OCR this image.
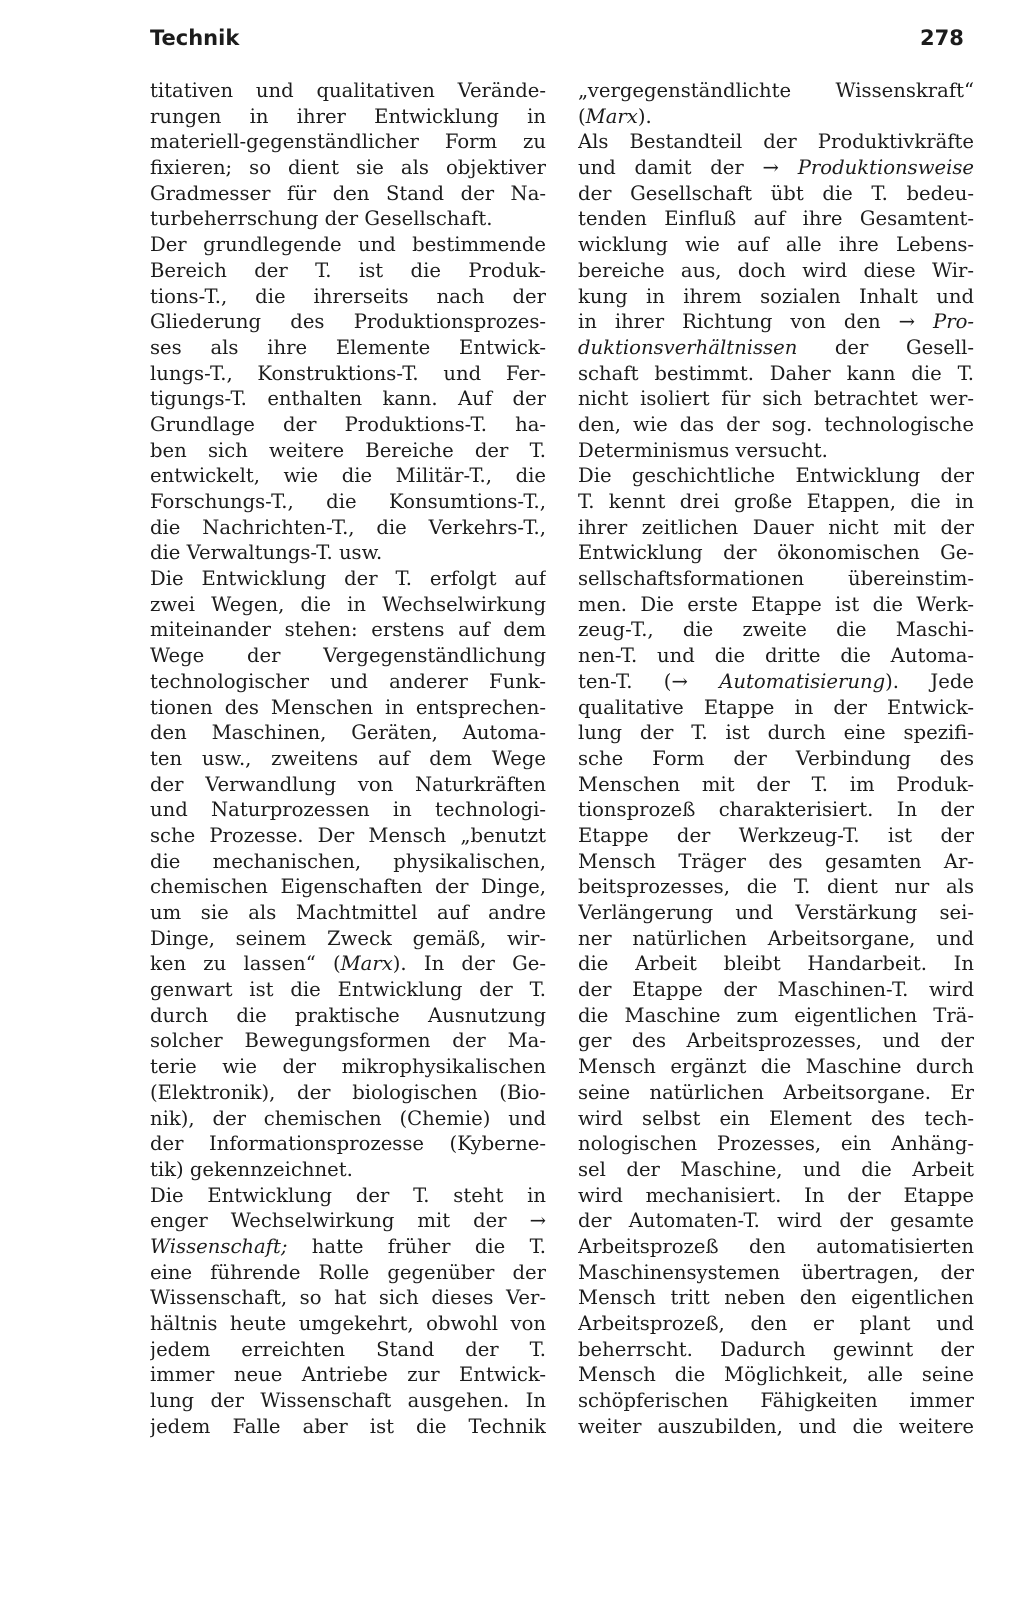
Technik	278
titativen und qualitativen Verände-
rungen in ihrer Entwicklung in
materiell-gegenständlicher Form zu
fixieren; so dient sie als objektiver
Gradmesser für den Stand der Na-
turbeherrschung der Gesellschaft.
Der grundlegende und bestimmende
Bereich der T. ist die Produk-
tions-T., die ihrerseits nach der
Gliederung des Produktionsprozes-
ses als ihre Elemente Entwick-
lungs-T., Konstruktions-T. und Fer-
tigungs-T. enthalten kann. Auf der
Grundlage der Produktions-T. ha-
ben sich weitere Bereiche der T.
entwickelt, wie die Militär-T., die
Forschungs-T., die Konsumtions-T.,
die Nachrichten-T., die Verkehrs-T.,
die Verwaltungs-T. usw.
Die Entwicklung der T. erfolgt auf
zwei Wegen, die in Wechselwirkung
miteinander stehen: erstens auf dem
Wege der Vergegenständlichung
technologischer und anderer Funk-
tionen des Menschen in entsprechen-
den Maschinen, Geräten, Automa-
ten usw., zweitens auf dem Wege
der Verwandlung von Naturkräften
und Naturprozessen in technologi-
sche Prozesse. Der Mensch „benutzt
die mechanischen, physikalischen,
chemischen Eigenschaften der Dinge,
um sie als Machtmittel auf andre
Dinge, seinem Zweck gemäß, wir-
ken zu lassen“ (Marx). In der Ge-
genwart ist die Entwicklung der T.
durch die praktische Ausnutzung
solcher Bewegungsformen der Ma-
terie wie der mikrophysikalischen
(Elektronik), der biologischen (Bio-
nik), der chemischen (Chemie) und
der Informationsprozesse (Kyberne-
tik) gekennzeichnet.
Die Entwicklung der T. steht in
enger Wechselwirkung mit der →
Wissenschaft; hatte früher die T.
eine führende Rolle gegenüber der
Wissenschaft, so hat sich dieses Ver-
hältnis heute umgekehrt, obwohl von
jedem erreichten Stand der T.
immer neue Antriebe zur Entwick-
lung der Wissenschaft ausgehen. In
jedem Falle aber ist die Technik
„vergegenständlichte Wissenskraft“
(Marx).
Als Bestandteil der Produktivkräfte
und damit der → Produktionsweise
der Gesellschaft übt die T. bedeu-
tenden Einfluß auf ihre Gesamtent-
wicklung wie auf alle ihre Lebens-
bereiche aus, doch wird diese Wir-
kung in ihrem sozialen Inhalt und
in ihrer Richtung von den → Pro-
duktionsverhältnissen der Gesell-
schaft bestimmt. Daher kann die T.
nicht isoliert für sich betrachtet wer-
den, wie das der sog. technologische
Determinismus versucht.
Die geschichtliche Entwicklung der
T. kennt drei große Etappen, die in
ihrer zeitlichen Dauer nicht mit der
Entwicklung der ökonomischen Ge-
sellschaftsformationen übereinstim-
men. Die erste Etappe ist die Werk-
zeug-T., die zweite die Maschi-
nen-T. und die dritte die Automa-
ten-T. (→ Automatisierung). Jede
qualitative Etappe in der Entwick-
lung der T. ist durch eine spezifi-
sche Form der Verbindung des
Menschen mit der T. im Produk-
tionsprozeß charakterisiert. In der
Etappe der Werkzeug-T. ist der
Mensch Träger des gesamten Ar-
beitsprozesses, die T. dient nur als
Verlängerung und Verstärkung sei-
ner natürlichen Arbeitsorgane, und
die Arbeit bleibt Handarbeit. In
der Etappe der Maschinen-T. wird
die Maschine zum eigentlichen Trä-
ger des Arbeitsprozesses, und der
Mensch ergänzt die Maschine durch
seine natürlichen Arbeitsorgane. Er
wird selbst ein Element des tech-
nologischen Prozesses, ein Anhäng-
sel der Maschine, und die Arbeit
wird mechanisiert. In der Etappe
der Automaten-T. wird der gesamte
Arbeitsprozeß den automatisierten
Maschinensystemen übertragen, der
Mensch tritt neben den eigentlichen
Arbeitsprozeß, den er plant und
beherrscht. Dadurch gewinnt der
Mensch die Möglichkeit, alle seine
schöpferischen Fähigkeiten immer
weiter auszubilden, und die weitere
